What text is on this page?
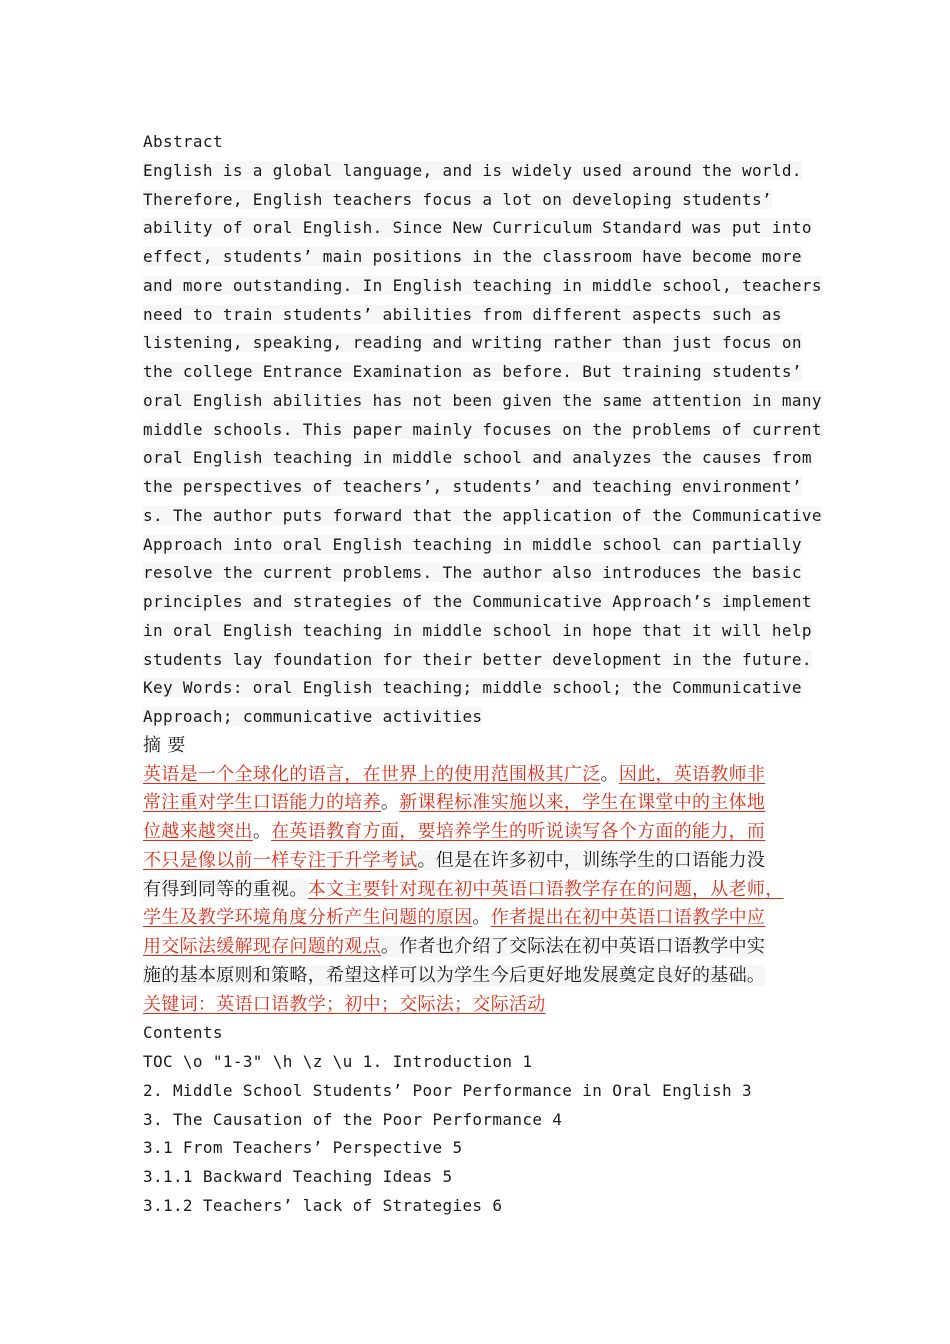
Abstract
English is a global language, and is widely used around the world.
Therefore, English teachers focus a lot on developing students’
ability of oral English. Since New Curriculum Standard was put into
effect, students’ main positions in the classroom have become more
and more outstanding. In English teaching in middle school, teachers
need to train students’ abilities from different aspects such as
listening, speaking, reading and writing rather than just focus on
the college Entrance Examination as before. But training students’
oral English abilities has not been given the same attention in many
middle schools. This paper mainly focuses on the problems of current
oral English teaching in middle school and analyzes the causes from
the perspectives of teachers’, students’ and teaching environment’
s. The author puts forward that the application of the Communicative
Approach into oral English teaching in middle school can partially
resolve the current problems. The author also introduces the basic
principles and strategies of the Communicative Approach’s implement
in oral English teaching in middle school in hope that it will help
students lay foundation for their better development in the future.
Key Words: oral English teaching; middle school; the Communicative
Approach; communicative activities
摘 要
英语是一个全球化的语言，在世界上的使用范围极其广泛。因此，英语教师非
常注重对学生口语能力的培养。新课程标准实施以来，学生在课堂中的主体地
位越来越突出。在英语教育方面，要培养学生的听说读写各个方面的能力，而
不只是像以前一样专注于升学考试。但是在许多初中，训练学生的口语能力没
有得到同等的重视。本文主要针对现在初中英语口语教学存在的问题，从老师，
学生及教学环境角度分析产生问题的原因。作者提出在初中英语口语教学中应
用交际法缓解现存问题的观点。作者也介绍了交际法在初中英语口语教学中实
施的基本原则和策略，希望这样可以为学生今后更好地发展奠定良好的基础。
关键词：英语口语教学；初中；交际法；交际活动
Contents
TOC \o "1-3" \h \z \u 1. Introduction 1
2. Middle School Students’ Poor Performance in Oral English 3
3. The Causation of the Poor Performance 4
3.1 From Teachers’ Perspective 5
3.1.1 Backward Teaching Ideas 5
3.1.2 Teachers’ lack of Strategies 6
